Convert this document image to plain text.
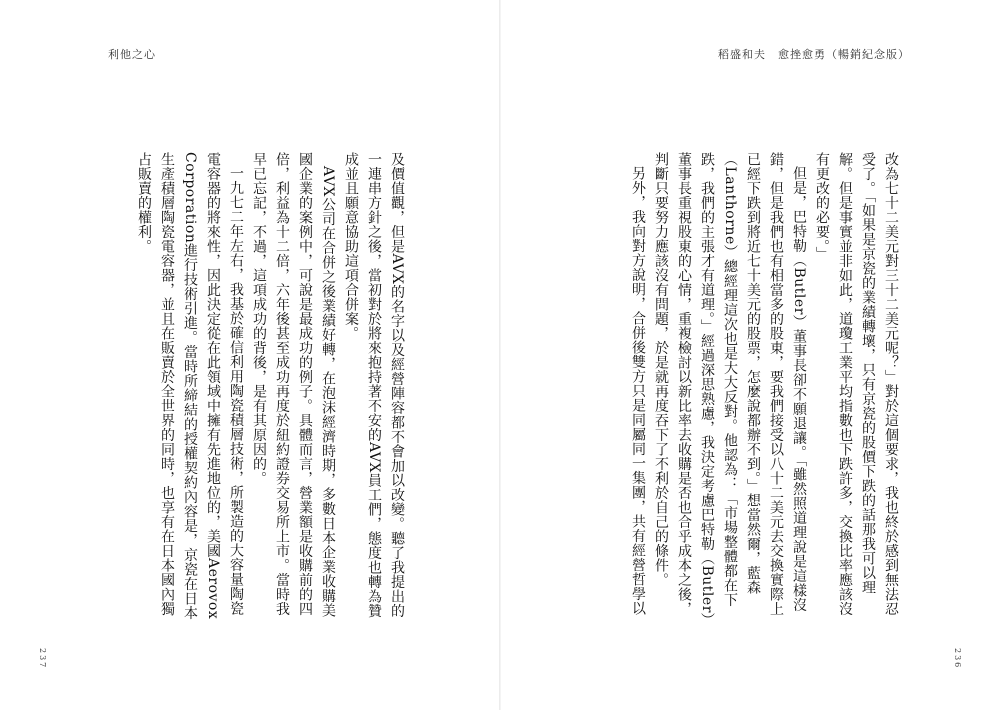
利他之心	稻盛和夫　愈挫愈勇（暢銷紀念版）

改為七十二美元對三十二美元呢？」對於這個要求，我也終於感到無法忍受了。「如果是京瓷的業績轉壞，只有京瓷的股價下跌的話那我可以理解。但是事實並非如此，道瓊工業平均指數也下跌許多，交換比率應該沒有更改的必要。」

但是，巴特勒（Butler）董事長卻不願退讓。「雖然照道理說是這樣沒錯，但是我們也有相當多的股東，要我們接受以八十二美元去交換實際上已經下跌到將近七十美元的股票，怎麼說都辦不到。」想當然爾，藍森（Lanthorne）總經理這次也是大大反對。他認為：「市場整體都在下跌，我們的主張才有道理。」經過深思熟慮，我決定考慮巴特勒（Butler）董事長重視股東的心情，重複檢討以新比率去收購是否也合乎成本之後，判斷只要努力應該沒有問題，於是就再度吞下了不利於自己的條件。

另外，我向對方說明，合併後雙方只是同屬同一集團，共有經營哲學以

及價值觀，但是AVX的名字以及經營陣容都不會加以改變。聽了我提出的一連串方針之後，當初對於將來抱持著不安的AVX員工們，態度也轉為贊成並且願意協助這項合併案。

AVX公司在合併之後業績好轉，在泡沫經濟時期，多數日本企業收購美國企業的案例中，可說是最成功的例子。具體而言，營業額是收購前的四倍，利益為十二倍，六年後甚至成功再度於紐約證券交易所上市。當時我早已忘記，不過，這項成功的背後，是有其原因的。

一九七二年左右，我基於確信利用陶瓷積層技術，所製造的大容量陶瓷電容器的將來性，因此決定從在此領域中擁有先進地位的，美國Aerovox Corporation進行技術引進。當時所締結的授權契約內容是，京瓷在日本生產積層陶瓷電容器，並且在販賣於全世界的同時，也享有在日本國內獨占販賣的權利。

237	236
